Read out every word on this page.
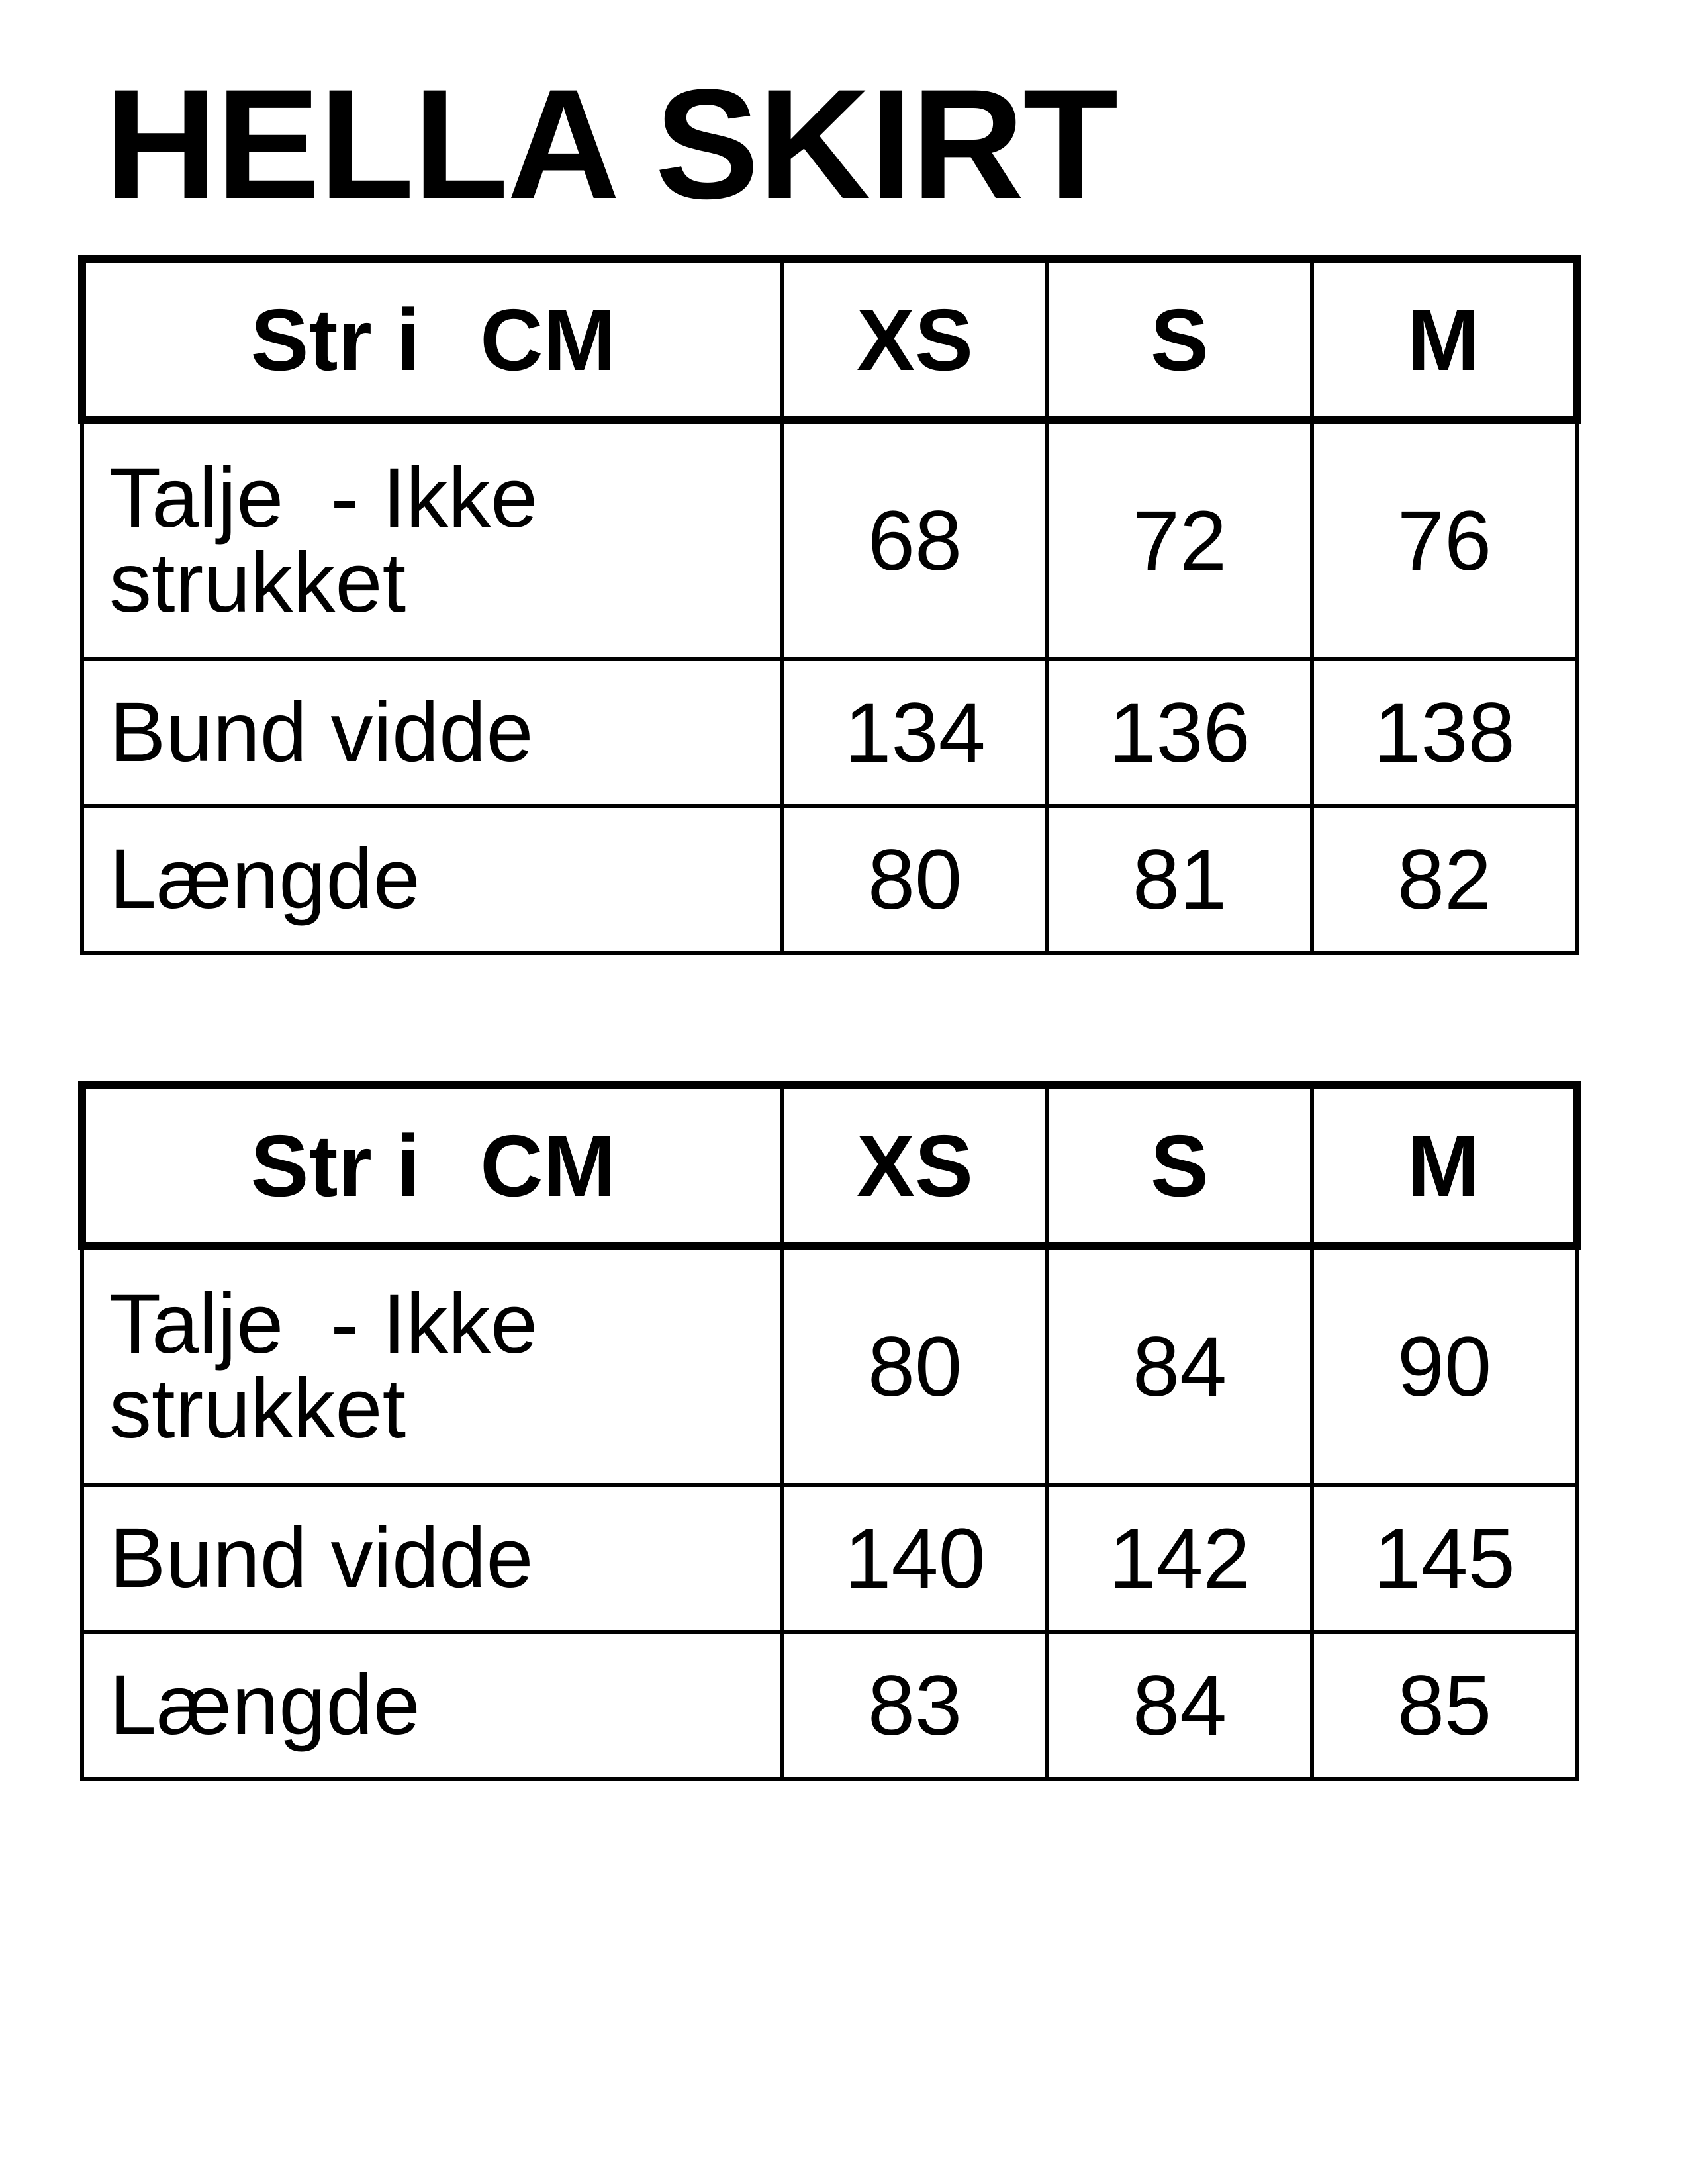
HELLA SKIRT
Str i CM	XS	S	M
Talje  - Ikke
strukket	68	72	76
Bund vidde	134	136	138
Længde	80	81	82
Str i CM	XS	S	M
Talje  - Ikke
strukket	80	84	90
Bund vidde	140	142	145
Længde	83	84	85
